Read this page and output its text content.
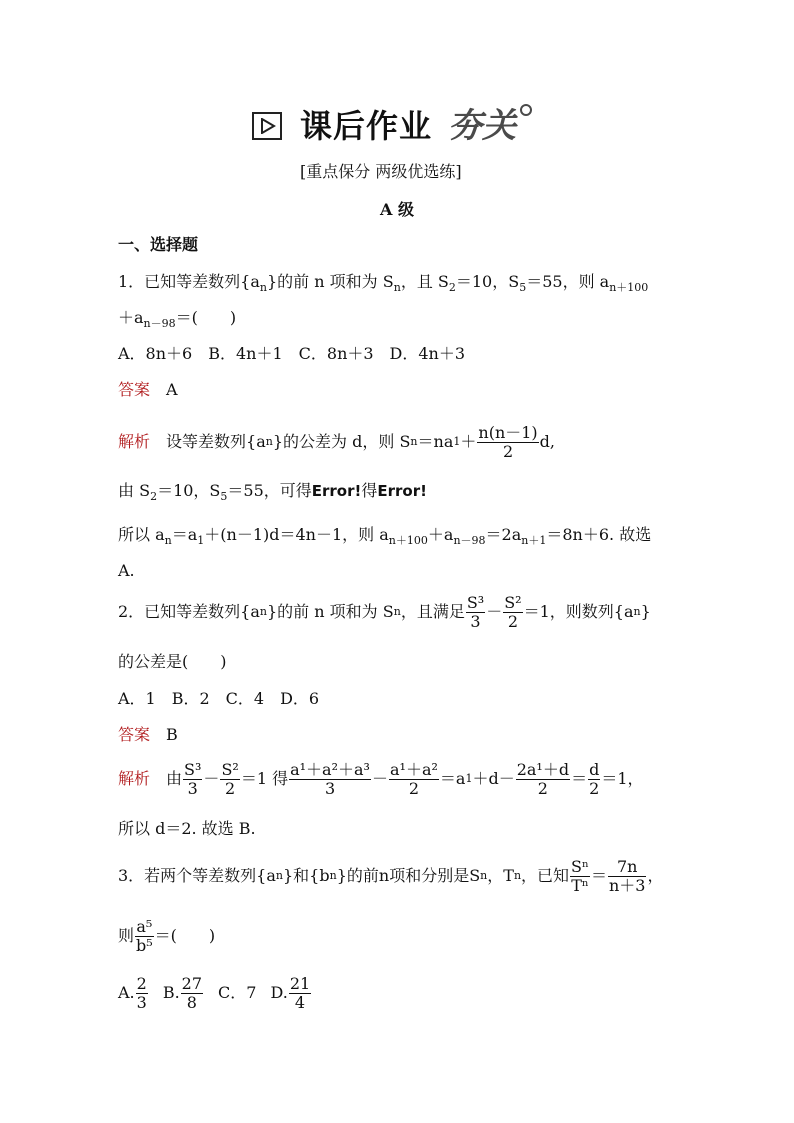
课后作业 夯关
[重点保分 两级优选练]
A 级
一、选择题
1．已知等差数列$\{a_n\}$的前 n 项和为 $S_n$，且 $S_2=10$，$S_5=55$，则 $a_{n+100}$
$+a_{n-98}=$(　　)
A．8n＋6　B．4n＋1　C．8n＋3　D．4n＋3
答案　 A
解析
　 设等差数列{a n }的公差为 d，则 S n ＝na $1 + \frac{n(n-1)}{2} d$,
由 $S_2=10$，$S_5=55$，可得Error!得Error!
所以 $a_n=a_1+(n-1)d=4n-1$，则 $a_{n+100}+a_{n-98}=2a_{n+1}=8n+6$. 故选
A.
2．已知等差数列{a n }的前 n 项和为 S n ，且满足 $\frac{\text{S³}}{3} - \frac{\text{S²}}{2} =1$，则数列{a n }
的公差是(　　)
A．1　B．2　C．4　D．6
答案　 B
解析
　 由 $\frac{\text{S³}}{3} - \frac{\text{S²}}{2} =1$ 得 $\frac{\text{a¹＋a²＋a³}}{3} - \frac{\text{a¹＋a²}}{2} =a$ $1 +d- \frac{\text{2a¹＋d}}{2} = \frac{d}{2} =1$，
所以 d＝2. 故选 B.
3．若两个等差数列{a n }和{b n }的前n项和分别是S n ，T n ，已知 $\frac{\text{Sⁿ}}{\text{Tⁿ}} = \frac{7n}{n+3}$ ，
则 $\frac{\text{a⁵}}{\text{b⁵}}$ ＝(　　)
A. $\frac{2}{3} B$. $\frac{27}{8}$ C．7 D. $\frac{21}{4}$
